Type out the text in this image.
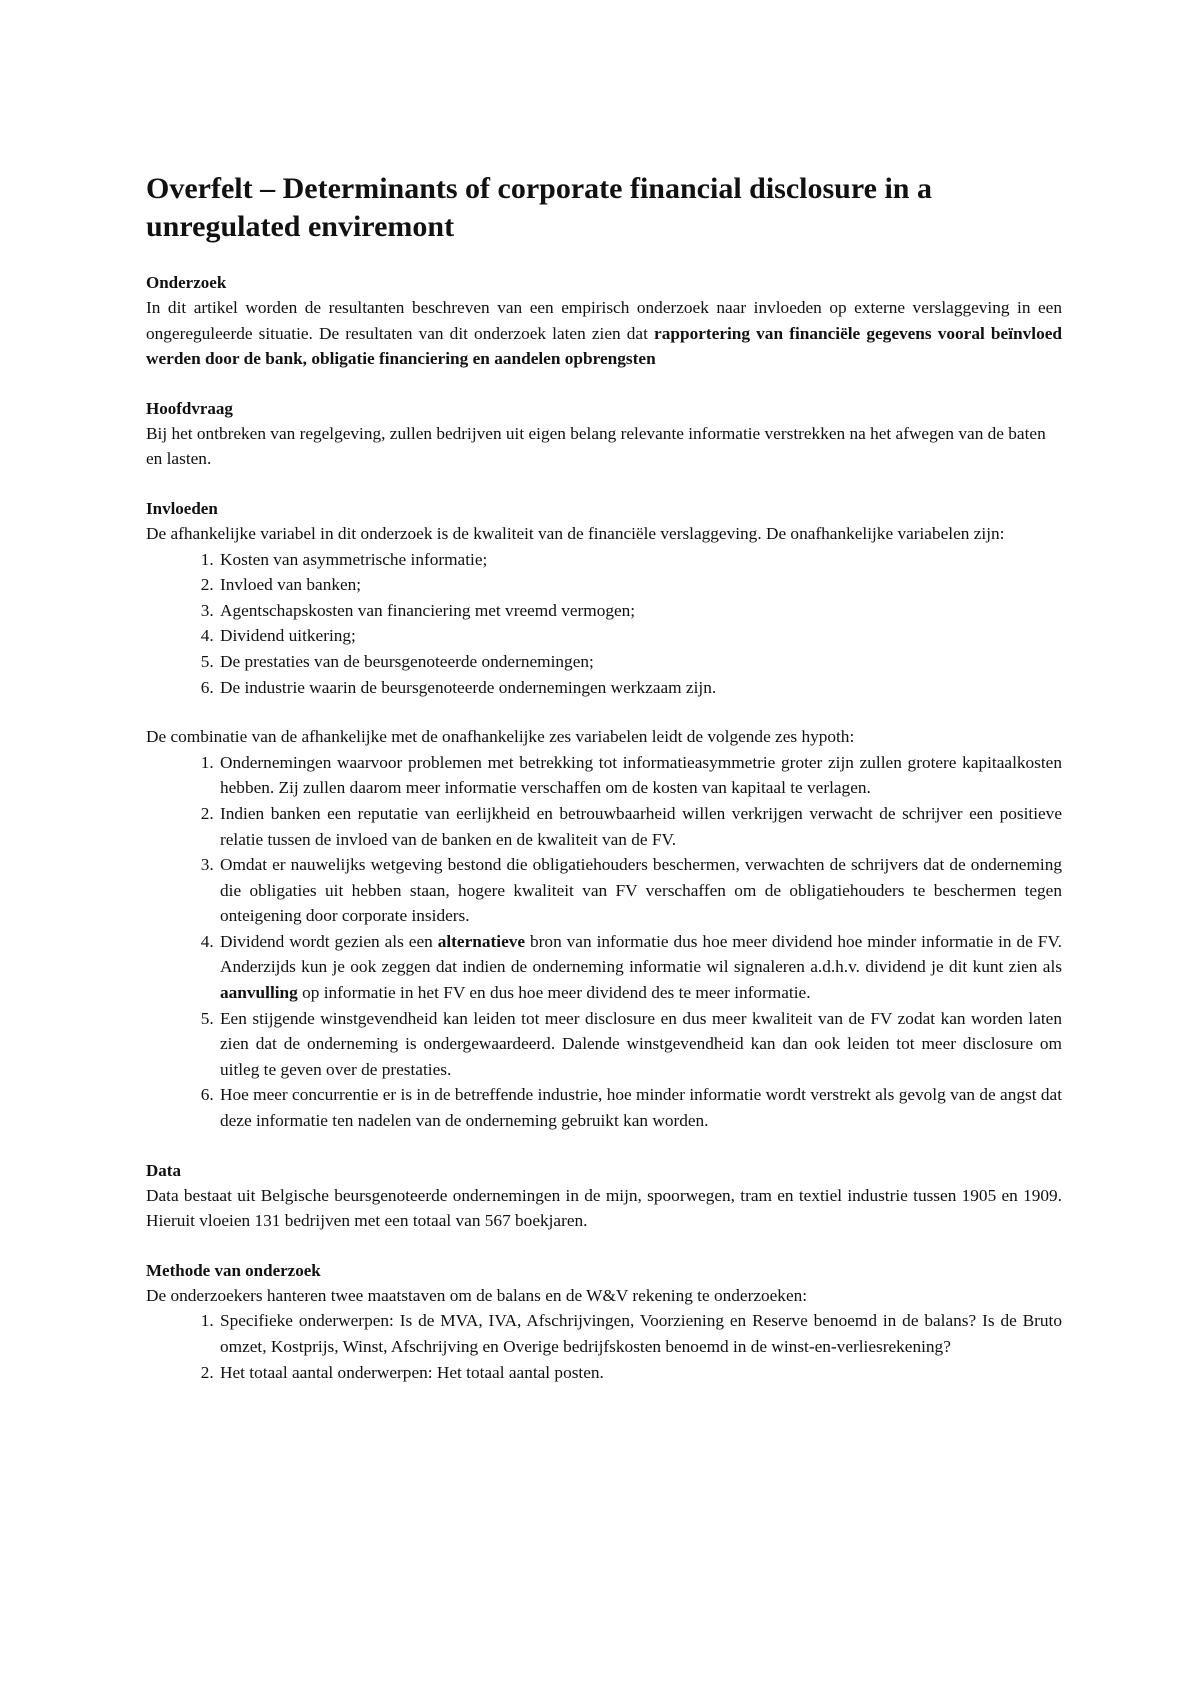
Overfelt – Determinants of corporate financial disclosure in a unregulated enviremont
Onderzoek

In dit artikel worden de resultanten beschreven van een empirisch onderzoek naar invloeden op externe verslaggeving in een ongereguleerde situatie. De resultaten van dit onderzoek laten zien dat rapportering van financiële gegevens vooral beïnvloed werden door de bank, obligatie financiering en aandelen opbrengsten

Hoofdvraag

Bij het ontbreken van regelgeving, zullen bedrijven uit eigen belang relevante informatie verstrekken na het afwegen van de baten en lasten.

Invloeden

De afhankelijke variabel in dit onderzoek is de kwaliteit van de financiële verslaggeving. De onafhankelijke variabelen zijn:

1. Kosten van asymmetrische informatie;
2. Invloed van banken;
3. Agentschapskosten van financiering met vreemd vermogen;
4. Dividend uitkering;
5. De prestaties van de beursgenoteerde ondernemingen;
6. De industrie waarin de beursgenoteerde ondernemingen werkzaam zijn.

De combinatie van de afhankelijke met de onafhankelijke zes variabelen leidt de volgende zes hypoth:

1. Ondernemingen waarvoor problemen met betrekking tot informatieasymmetrie groter zijn zullen grotere kapitaalkosten hebben. Zij zullen daarom meer informatie verschaffen om de kosten van kapitaal te verlagen.
2. Indien banken een reputatie van eerlijkheid en betrouwbaarheid willen verkrijgen verwacht de schrijver een positieve relatie tussen de invloed van de banken en de kwaliteit van de FV.
3. Omdat er nauwelijks wetgeving bestond die obligatiehouders beschermen, verwachten de schrijvers dat de onderneming die obligaties uit hebben staan, hogere kwaliteit van FV verschaffen om de obligatiehouders te beschermen tegen onteigening door corporate insiders.
4. Dividend wordt gezien als een alternatieve bron van informatie dus hoe meer dividend hoe minder informatie in de FV. Anderzijds kun je ook zeggen dat indien de onderneming informatie wil signaleren a.d.h.v. dividend je dit kunt zien als aanvulling op informatie in het FV en dus hoe meer dividend des te meer informatie.
5. Een stijgende winstgevendheid kan leiden tot meer disclosure en dus meer kwaliteit van de FV zodat kan worden laten zien dat de onderneming is ondergewaardeerd. Dalende winstgevendheid kan dan ook leiden tot meer disclosure om uitleg te geven over de prestaties.
6. Hoe meer concurrentie er is in de betreffende industrie, hoe minder informatie wordt verstrekt als gevolg van de angst dat deze informatie ten nadelen van de onderneming gebruikt kan worden.
Data

Data bestaat uit Belgische beursgenoteerde ondernemingen in de mijn, spoorwegen, tram en textiel industrie tussen 1905 en 1909. Hieruit vloeien 131 bedrijven met een totaal van 567 boekjaren.

Methode van onderzoek

De onderzoekers hanteren twee maatstaven om de balans en de W&V rekening te onderzoeken:

1. Specifieke onderwerpen: Is de MVA, IVA, Afschrijvingen, Voorziening en Reserve benoemd in de balans? Is de Bruto omzet, Kostprijs, Winst, Afschrijving en Overige bedrijfskosten benoemd in de winst-en-verliesrekening?
2. Het totaal aantal onderwerpen: Het totaal aantal posten.
